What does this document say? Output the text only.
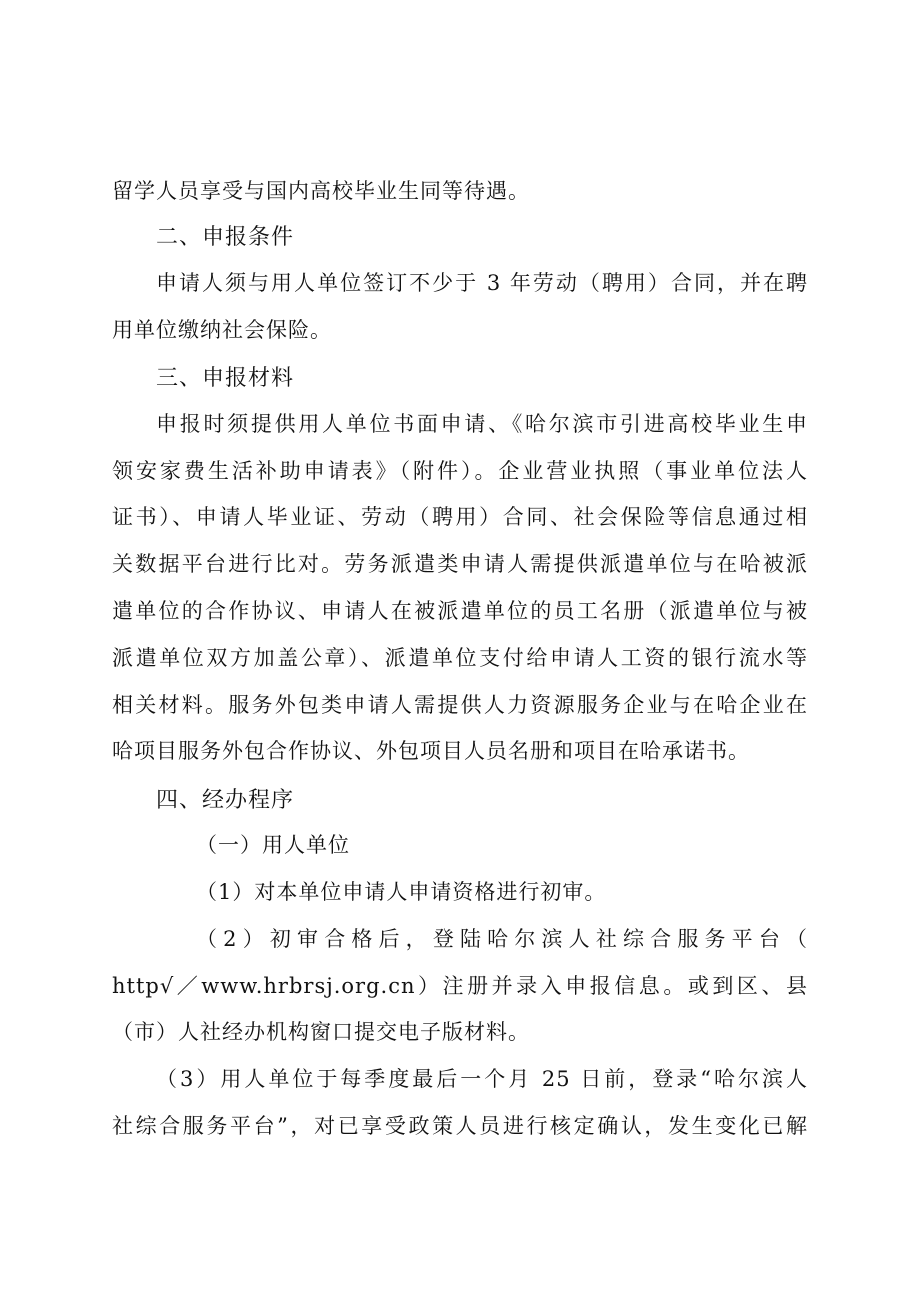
留学人员享受与国内高校毕业生同等待遇。
二、申报条件
申请人须与用人单位签订不少于 3 年劳动（聘用）合同，并在聘
用单位缴纳社会保险。
三、申报材料
申报时须提供用人单位书面申请、《哈尔滨市引进高校毕业生申
领安家费生活补助申请表》（附件）。企业营业执照（事业单位法人
证书）、申请人毕业证、劳动（聘用）合同、社会保险等信息通过相
关数据平台进行比对。劳务派遣类申请人需提供派遣单位与在哈被派
遣单位的合作协议、申请人在被派遣单位的员工名册（派遣单位与被
派遣单位双方加盖公章）、派遣单位支付给申请人工资的银行流水等
相关材料。服务外包类申请人需提供人力资源服务企业与在哈企业在
哈项目服务外包合作协议、外包项目人员名册和项目在哈承诺书。
四、经办程序
（一）用人单位
（1）对本单位申请人申请资格进行初审。
（2）初审合格后，登陆哈尔滨人社综合服务平台（
http√／www.hrbrsj.org.cn）注册并录入申报信息。或到区、县
（市）人社经办机构窗口提交电子版材料。
（3）用人单位于每季度最后一个月 25 日前，登录“哈尔滨人
社综合服务平台”，对已享受政策人员进行核定确认，发生变化已解
